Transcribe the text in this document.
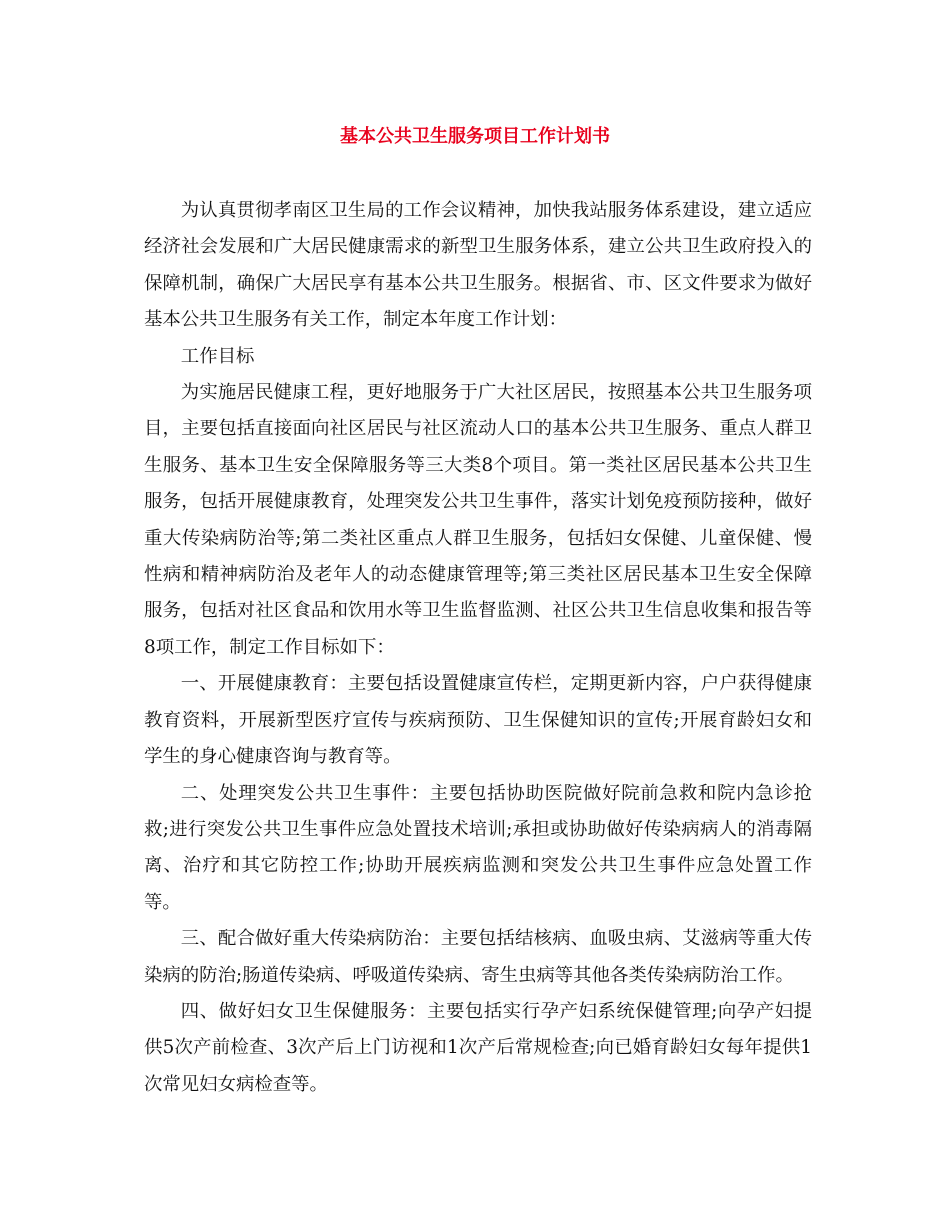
基本公共卫生服务项目工作计划书

为认真贯彻孝南区卫生局的工作会议精神，加快我站服务体系建设，建立适应经济社会发展和广大居民健康需求的新型卫生服务体系，建立公共卫生政府投入的保障机制，确保广大居民享有基本公共卫生服务。根据省、市、区文件要求为做好基本公共卫生服务有关工作，制定本年度工作计划：

工作目标

为实施居民健康工程，更好地服务于广大社区居民，按照基本公共卫生服务项目，主要包括直接面向社区居民与社区流动人口的基本公共卫生服务、重点人群卫生服务、基本卫生安全保障服务等三大类8个项目。第一类社区居民基本公共卫生服务，包括开展健康教育，处理突发公共卫生事件，落实计划免疫预防接种，做好重大传染病防治等;第二类社区重点人群卫生服务，包括妇女保健、儿童保健、慢性病和精神病防治及老年人的动态健康管理等;第三类社区居民基本卫生安全保障服务，包括对社区食品和饮用水等卫生监督监测、社区公共卫生信息收集和报告等8项工作，制定工作目标如下：

一、开展健康教育：主要包括设置健康宣传栏，定期更新内容，户户获得健康教育资料，开展新型医疗宣传与疾病预防、卫生保健知识的宣传;开展育龄妇女和学生的身心健康咨询与教育等。

二、处理突发公共卫生事件：主要包括协助医院做好院前急救和院内急诊抢救;进行突发公共卫生事件应急处置技术培训;承担或协助做好传染病病人的消毒隔离、治疗和其它防控工作;协助开展疾病监测和突发公共卫生事件应急处置工作等。

三、配合做好重大传染病防治：主要包括结核病、血吸虫病、艾滋病等重大传染病的防治;肠道传染病、呼吸道传染病、寄生虫病等其他各类传染病防治工作。

四、做好妇女卫生保健服务：主要包括实行孕产妇系统保健管理;向孕产妇提供5次产前检查、3次产后上门访视和1次产后常规检查;向已婚育龄妇女每年提供1次常见妇女病检查等。
